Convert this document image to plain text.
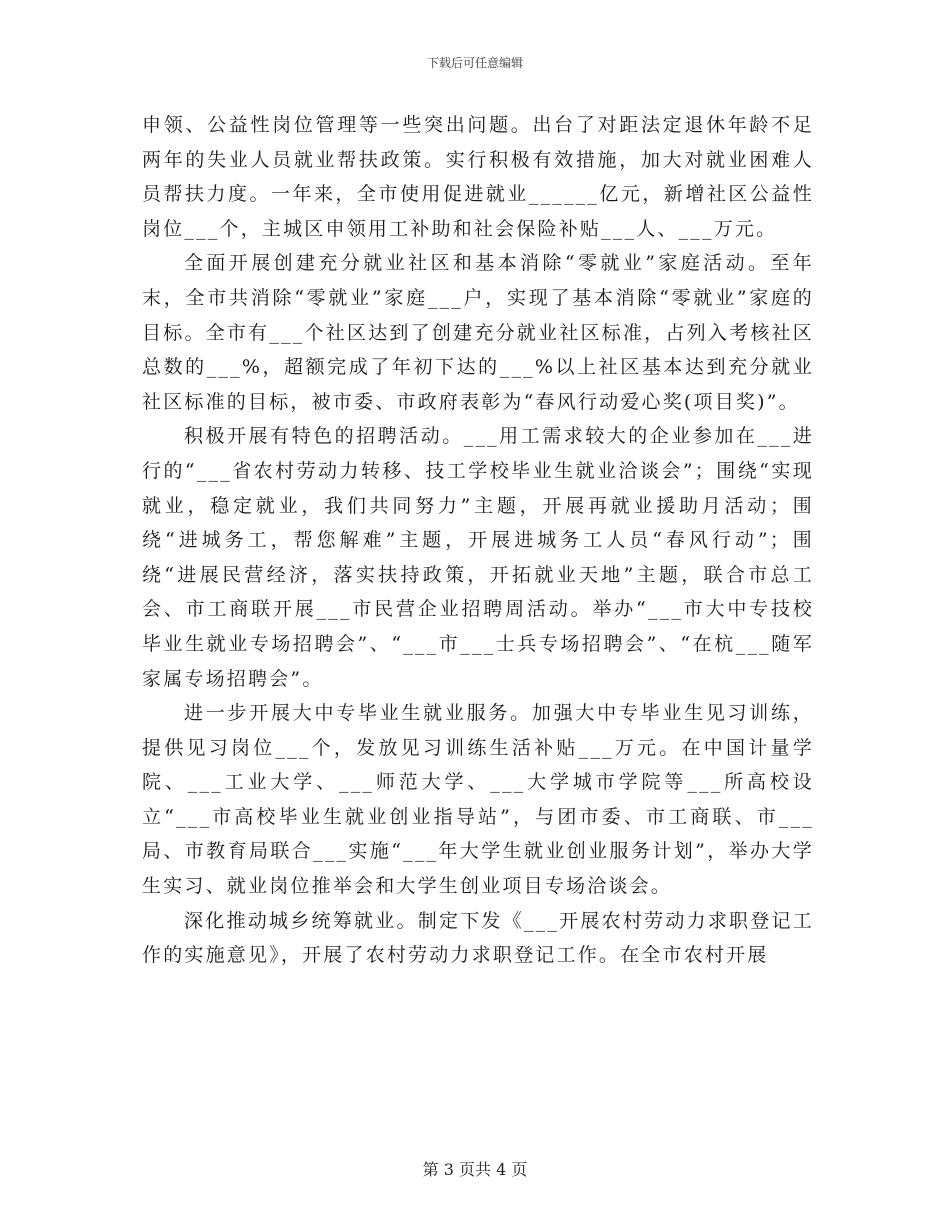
下载后可任意编辑

申领、公益性岗位管理等一些突出问题。出台了对距法定退休年龄不足两年的失业人员就业帮扶政策。实行积极有效措施，加大对就业困难人员帮扶力度。一年来，全市使用促进就业______亿元，新增社区公益性岗位___个，主城区申领用工补助和社会保险补贴___人、___万元。

全面开展创建充分就业社区和基本消除“零就业”家庭活动。至年末，全市共消除“零就业”家庭___户，实现了基本消除“零就业”家庭的目标。全市有___个社区达到了创建充分就业社区标准，占列入考核社区总数的___%，超额完成了年初下达的___%以上社区基本达到充分就业社区标准的目标，被市委、市政府表彰为“春风行动爱心奖(项目奖)”。

积极开展有特色的招聘活动。___用工需求较大的企业参加在___进行的“___省农村劳动力转移、技工学校毕业生就业洽谈会”；围绕“实现就业，稳定就业，我们共同努力”主题，开展再就业援助月活动；围绕“进城务工，帮您解难”主题，开展进城务工人员“春风行动”；围绕“进展民营经济，落实扶持政策，开拓就业天地”主题，联合市总工会、市工商联开展___市民营企业招聘周活动。举办“___市大中专技校毕业生就业专场招聘会”、“___市___士兵专场招聘会”、“在杭___随军家属专场招聘会”。

进一步开展大中专毕业生就业服务。加强大中专毕业生见习训练，提供见习岗位___个，发放见习训练生活补贴___万元。在中国计量学院、___工业大学、___师范大学、___大学城市学院等___所高校设立“___市高校毕业生就业创业指导站”，与团市委、市工商联、市___局、市教育局联合___实施“___年大学生就业创业服务计划”，举办大学生实习、就业岗位推举会和大学生创业项目专场洽谈会。

深化推动城乡统筹就业。制定下发《___开展农村劳动力求职登记工作的实施意见》，开展了农村劳动力求职登记工作。在全市农村开展

第 3 页共 4 页
